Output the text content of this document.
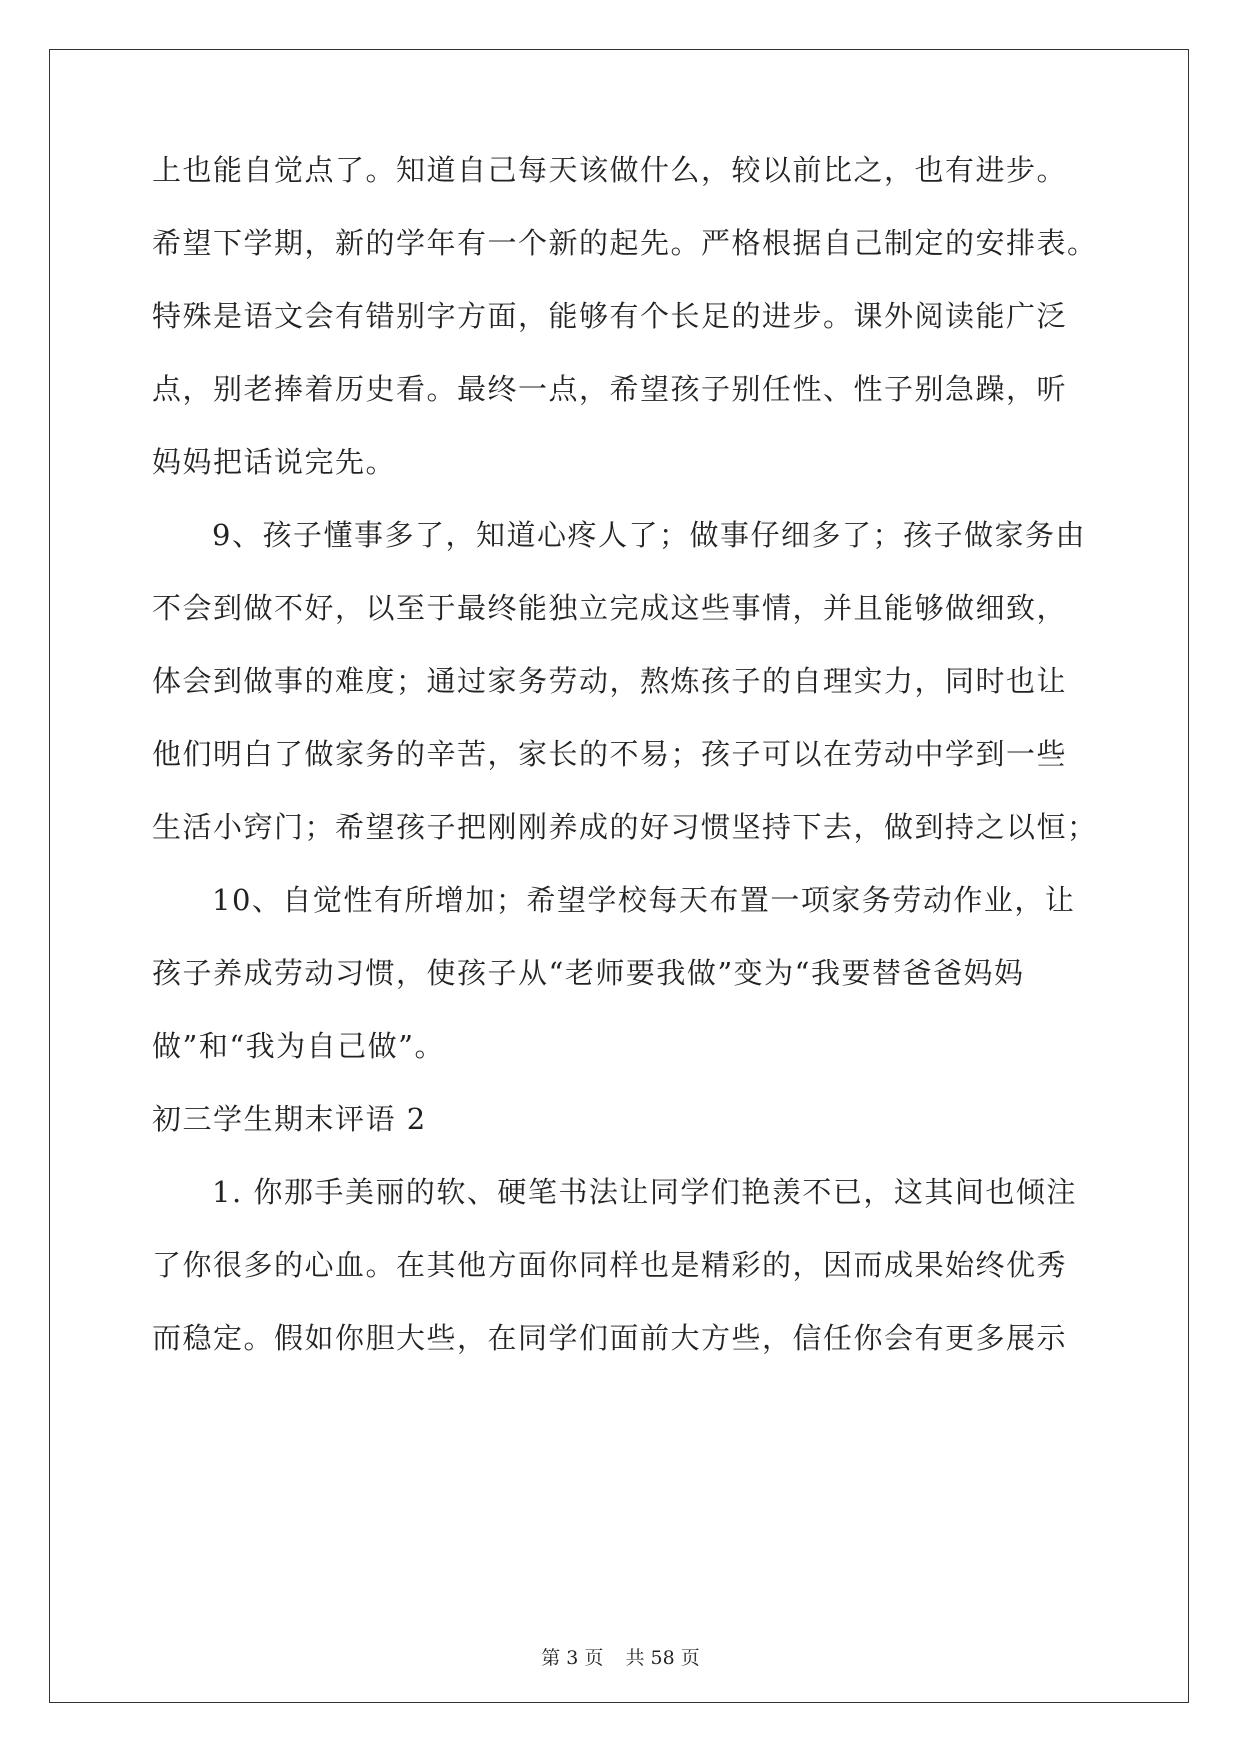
上也能自觉点了。知道自己每天该做什么，较以前比之，也有进步。
希望下学期，新的学年有一个新的起先。严格根据自己制定的安排表。
特殊是语文会有错别字方面，能够有个长足的进步。课外阅读能广泛
点，别老捧着历史看。最终一点，希望孩子别任性、性子别急躁，听
妈妈把话说完先。
9、孩子懂事多了，知道心疼人了；做事仔细多了；孩子做家务由
不会到做不好，以至于最终能独立完成这些事情，并且能够做细致，
体会到做事的难度；通过家务劳动，熬炼孩子的自理实力，同时也让
他们明白了做家务的辛苦，家长的不易；孩子可以在劳动中学到一些
生活小窍门；希望孩子把刚刚养成的好习惯坚持下去，做到持之以恒；
10、自觉性有所增加；希望学校每天布置一项家务劳动作业，让
孩子养成劳动习惯，使孩子从“老师要我做”变为“我要替爸爸妈妈
做”和“我为自己做”。
初三学生期末评语 2
1. 你那手美丽的软、硬笔书法让同学们艳羡不已，这其间也倾注
了你很多的心血。在其他方面你同样也是精彩的，因而成果始终优秀
而稳定。假如你胆大些，在同学们面前大方些，信任你会有更多展示
第 3 页 共 58 页
